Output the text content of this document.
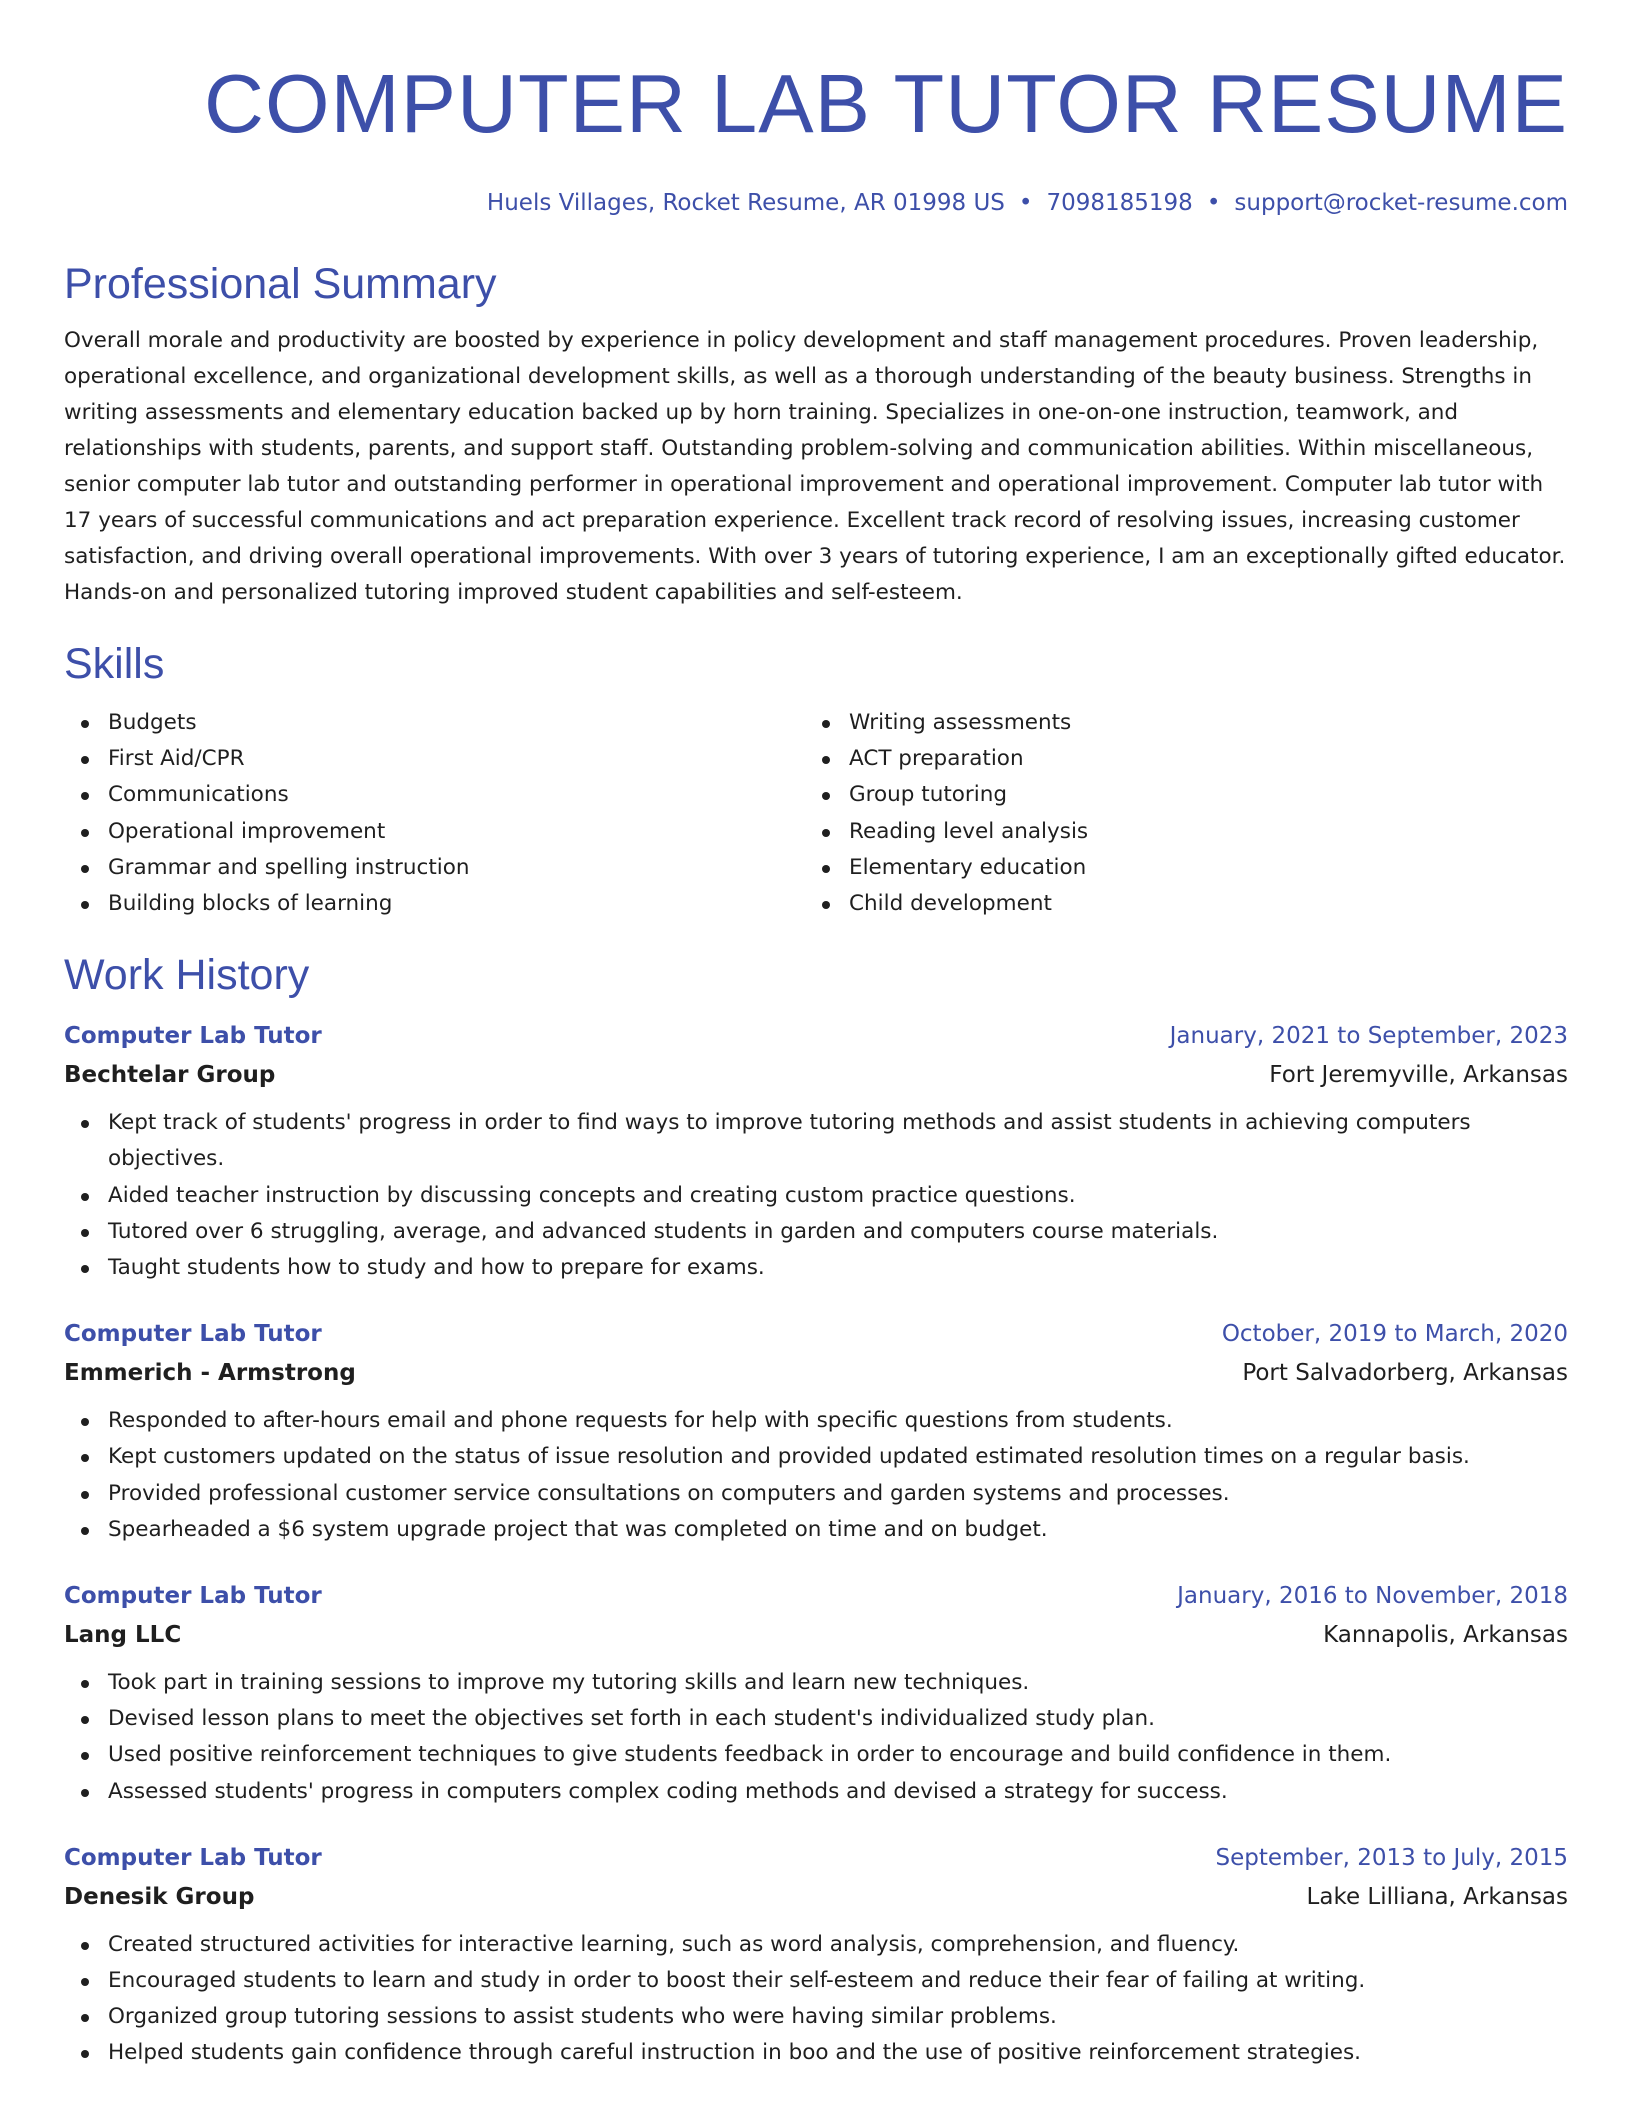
COMPUTER LAB TUTOR RESUME
Huels Villages, Rocket Resume, AR 01998 US • 7098185198 • support@rocket-resume.com
Professional Summary

Overall morale and productivity are boosted by experience in policy development and staff management procedures. Proven leadership, operational excellence, and organizational development skills, as well as a thorough understanding of the beauty business. Strengths in writing assessments and elementary education backed up by horn training. Specializes in one-on-one instruction, teamwork, and relationships with students, parents, and support staff. Outstanding problem-solving and communication abilities. Within miscellaneous, senior computer lab tutor and outstanding performer in operational improvement and operational improvement. Computer lab tutor with 17 years of successful communications and act preparation experience. Excellent track record of resolving issues, increasing customer satisfaction, and driving overall operational improvements. With over 3 years of tutoring experience, I am an exceptionally gifted educator. Hands-on and personalized tutoring improved student capabilities and self-esteem.

Skills
Budgets
First Aid/CPR
Communications
Operational improvement
Grammar and spelling instruction
Building blocks of learning
Writing assessments
ACT preparation
Group tutoring
Reading level analysis
Elementary education
Child development
Work History
Computer Lab Tutor	January, 2021 to September, 2023
Bechtelar Group	Fort Jeremyville, Arkansas
Kept track of students' progress in order to find ways to improve tutoring methods and assist students in achieving computers objectives.
Aided teacher instruction by discussing concepts and creating custom practice questions.
Tutored over 6 struggling, average, and advanced students in garden and computers course materials.
Taught students how to study and how to prepare for exams.
Computer Lab Tutor	October, 2019 to March, 2020
Emmerich - Armstrong	Port Salvadorberg, Arkansas
Responded to after-hours email and phone requests for help with specific questions from students.
Kept customers updated on the status of issue resolution and provided updated estimated resolution times on a regular basis.
Provided professional customer service consultations on computers and garden systems and processes.
Spearheaded a $6 system upgrade project that was completed on time and on budget.
Computer Lab Tutor	January, 2016 to November, 2018
Lang LLC	Kannapolis, Arkansas
Took part in training sessions to improve my tutoring skills and learn new techniques.
Devised lesson plans to meet the objectives set forth in each student's individualized study plan.
Used positive reinforcement techniques to give students feedback in order to encourage and build confidence in them.
Assessed students' progress in computers complex coding methods and devised a strategy for success.
Computer Lab Tutor	September, 2013 to July, 2015
Denesik Group	Lake Lilliana, Arkansas
Created structured activities for interactive learning, such as word analysis, comprehension, and fluency.
Encouraged students to learn and study in order to boost their self-esteem and reduce their fear of failing at writing.
Organized group tutoring sessions to assist students who were having similar problems.
Helped students gain confidence through careful instruction in boo and the use of positive reinforcement strategies.
